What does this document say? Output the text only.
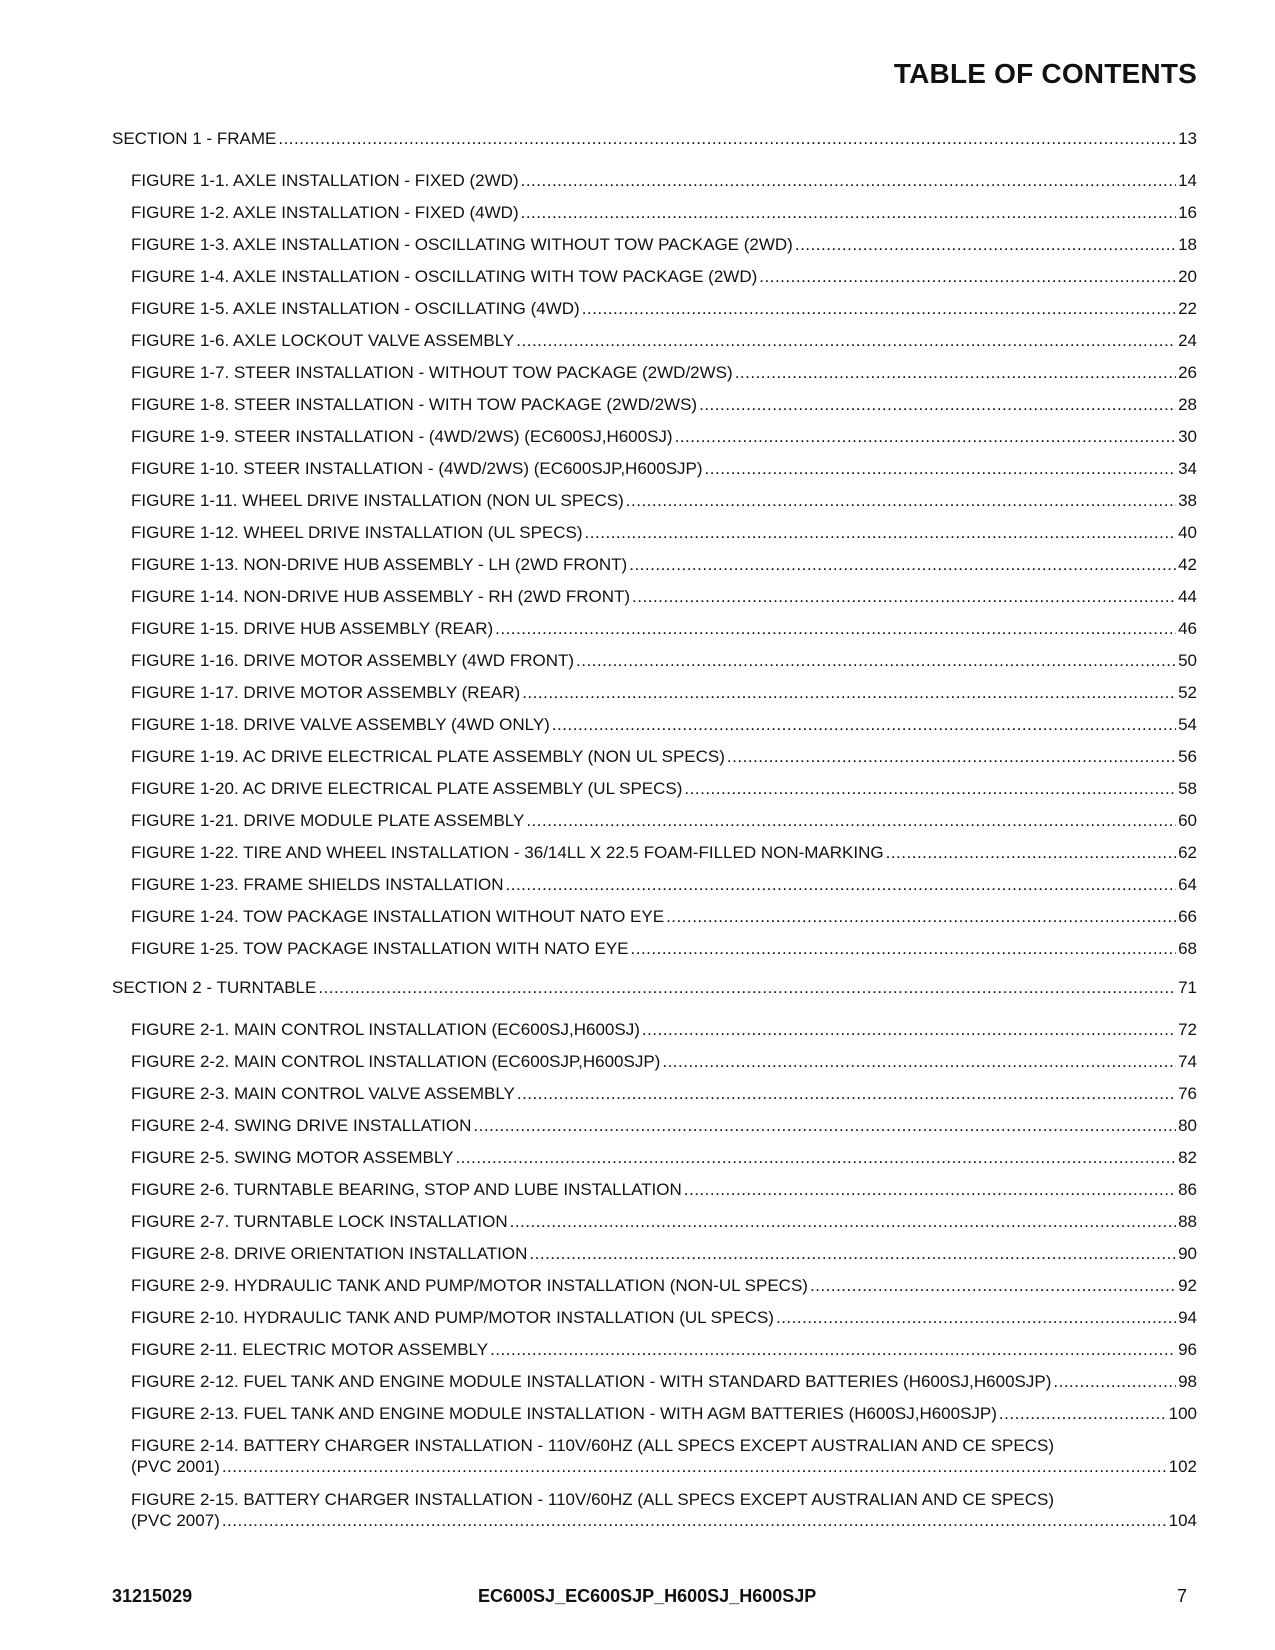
TABLE OF CONTENTS
SECTION 1 - FRAME .....	13
FIGURE 1-1. AXLE INSTALLATION - FIXED (2WD) .....	14
FIGURE 1-2. AXLE INSTALLATION - FIXED (4WD) .....	16
FIGURE 1-3. AXLE INSTALLATION - OSCILLATING WITHOUT TOW PACKAGE (2WD) .....	18
FIGURE 1-4. AXLE INSTALLATION - OSCILLATING WITH TOW PACKAGE (2WD) .....	20
FIGURE 1-5. AXLE INSTALLATION - OSCILLATING (4WD) .....	22
FIGURE 1-6. AXLE LOCKOUT VALVE ASSEMBLY .....	24
FIGURE 1-7. STEER INSTALLATION - WITHOUT TOW PACKAGE (2WD/2WS) .....	26
FIGURE 1-8. STEER INSTALLATION - WITH TOW PACKAGE (2WD/2WS) .....	28
FIGURE 1-9. STEER INSTALLATION - (4WD/2WS) (EC600SJ,H600SJ) .....	30
FIGURE 1-10. STEER INSTALLATION - (4WD/2WS) (EC600SJP,H600SJP) .....	34
FIGURE 1-11. WHEEL DRIVE INSTALLATION (NON UL SPECS) .....	38
FIGURE 1-12. WHEEL DRIVE INSTALLATION (UL SPECS) .....	40
FIGURE 1-13. NON-DRIVE HUB ASSEMBLY - LH (2WD FRONT) .....	42
FIGURE 1-14. NON-DRIVE HUB ASSEMBLY - RH (2WD FRONT) .....	44
FIGURE 1-15. DRIVE HUB ASSEMBLY (REAR) .....	46
FIGURE 1-16. DRIVE MOTOR ASSEMBLY (4WD FRONT) .....	50
FIGURE 1-17. DRIVE MOTOR ASSEMBLY (REAR) .....	52
FIGURE 1-18. DRIVE VALVE ASSEMBLY (4WD ONLY) .....	54
FIGURE 1-19. AC DRIVE ELECTRICAL PLATE ASSEMBLY (NON UL SPECS) .....	56
FIGURE 1-20. AC DRIVE ELECTRICAL PLATE ASSEMBLY (UL SPECS) .....	58
FIGURE 1-21. DRIVE MODULE PLATE ASSEMBLY .....	60
FIGURE 1-22. TIRE AND WHEEL INSTALLATION - 36/14LL X 22.5 FOAM-FILLED NON-MARKING .....	62
FIGURE 1-23. FRAME SHIELDS INSTALLATION .....	64
FIGURE 1-24. TOW PACKAGE INSTALLATION WITHOUT NATO EYE .....	66
FIGURE 1-25. TOW PACKAGE INSTALLATION WITH NATO EYE .....	68
SECTION 2 - TURNTABLE .....	71
FIGURE 2-1. MAIN CONTROL INSTALLATION (EC600SJ,H600SJ) .....	72
FIGURE 2-2. MAIN CONTROL INSTALLATION (EC600SJP,H600SJP) .....	74
FIGURE 2-3. MAIN CONTROL VALVE ASSEMBLY .....	76
FIGURE 2-4. SWING DRIVE INSTALLATION .....	80
FIGURE 2-5. SWING MOTOR ASSEMBLY .....	82
FIGURE 2-6. TURNTABLE BEARING, STOP AND LUBE INSTALLATION .....	86
FIGURE 2-7. TURNTABLE LOCK INSTALLATION .....	88
FIGURE 2-8. DRIVE ORIENTATION INSTALLATION .....	90
FIGURE 2-9. HYDRAULIC TANK AND PUMP/MOTOR INSTALLATION (NON-UL SPECS) .....	92
FIGURE 2-10. HYDRAULIC TANK AND PUMP/MOTOR INSTALLATION (UL SPECS) .....	94
FIGURE 2-11. ELECTRIC MOTOR ASSEMBLY .....	96
FIGURE 2-12. FUEL TANK AND ENGINE MODULE INSTALLATION - WITH STANDARD BATTERIES (H600SJ,H600SJP) .....	98
FIGURE 2-13. FUEL TANK AND ENGINE MODULE INSTALLATION - WITH AGM BATTERIES (H600SJ,H600SJP) .....	100
FIGURE 2-14. BATTERY CHARGER INSTALLATION - 110V/60HZ (ALL SPECS EXCEPT AUSTRALIAN AND CE SPECS)
(PVC 2001) .....	102
FIGURE 2-15. BATTERY CHARGER INSTALLATION - 110V/60HZ (ALL SPECS EXCEPT AUSTRALIAN AND CE SPECS)
(PVC 2007) .....	104
31215029	EC600SJ_EC600SJP_H600SJ_H600SJP	7
